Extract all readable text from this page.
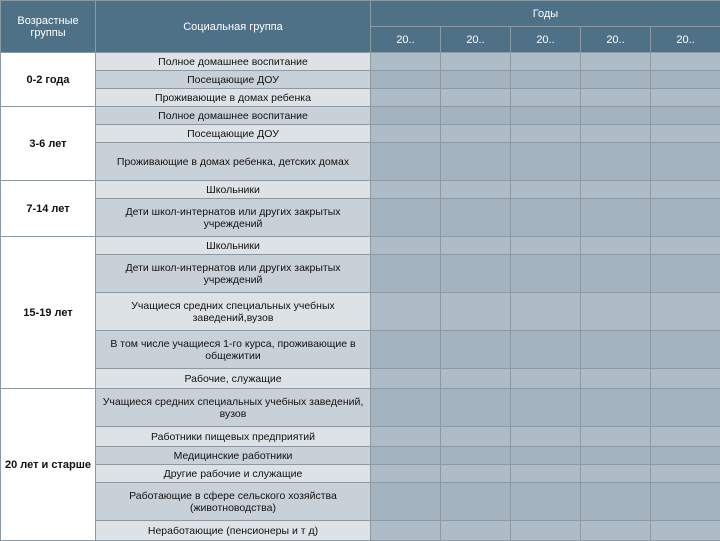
Возрастные группы	Социальная группа	Годы				
		20..	20..	20..	20..	20..
0-2 года	Полное домашнее воспитание					
	Посещающие ДОУ					
	Проживающие в домах ребенка					
3-6 лет	Полное домашнее воспитание					
	Посещающие ДОУ					
	Проживающие в домах ребенка, детских домах					
7-14 лет	Школьники					
	Дети школ-интернатов или других закрытых учреждений					
15-19 лет	Школьники					
	Дети школ-интернатов или других закрытых учреждений					
	Учащиеся средних специальных учебных заведений,вузов					
	В том числе учащиеся 1-го курса, проживающие в общежитии					
	Рабочие, служащие					
20 лет и старше	Учащиеся средних специальных учебных заведений, вузов					
	Работники пищевых предприятий					
	Медицинские работники					
	Другие рабочие и служащие					
	Работающие в сфере сельского хозяйства (животноводства)					
	Неработающие (пенсионеры и т д)					
